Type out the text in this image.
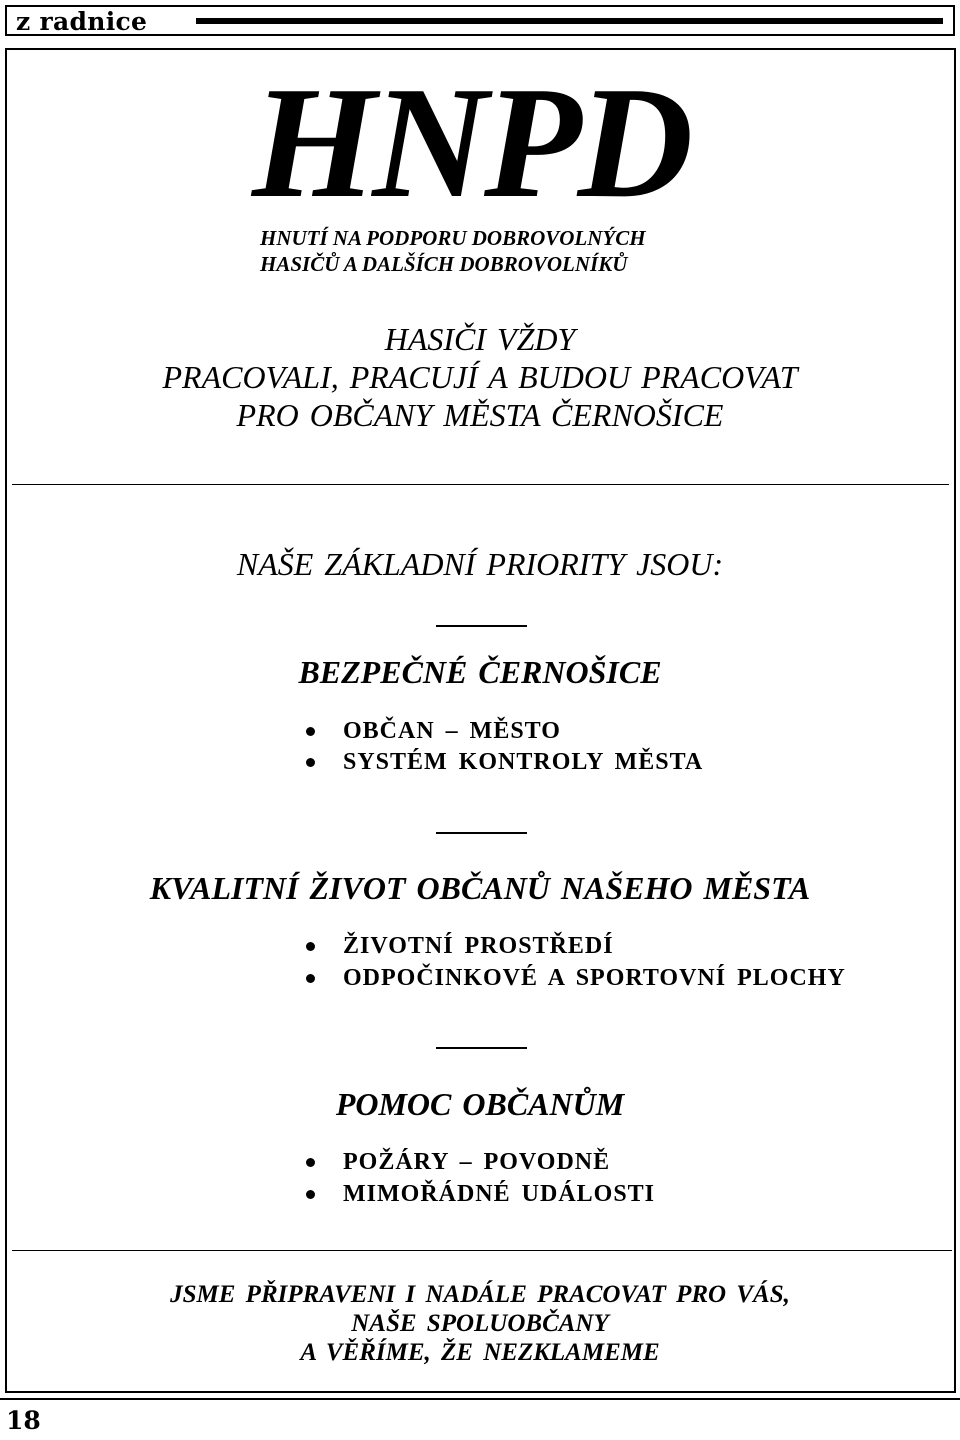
z radnice
HNPD
HNUTÍ NA PODPORU DOBROVOLNÝCH
HASIČŮ A DALŠÍCH DOBROVOLNÍKŮ
HASIČI VŽDY
PRACOVALI, PRACUJÍ A BUDOU PRACOVAT
PRO OBČANY MĚSTA ČERNOŠICE
NAŠE ZÁKLADNÍ PRIORITY JSOU:
BEZPEČNÉ ČERNOŠICE
OBČAN – MĚSTO
SYSTÉM KONTROLY MĚSTA
KVALITNÍ ŽIVOT OBČANŮ NAŠEHO MĚSTA
ŽIVOTNÍ PROSTŘEDÍ
ODPOČINKOVÉ A SPORTOVNÍ PLOCHY
POMOC OBČANŮM
POŽÁRY – POVODNĚ
MIMOŘÁDNÉ UDÁLOSTI
JSME PŘIPRAVENI I NADÁLE PRACOVAT PRO VÁS,
NAŠE SPOLUOBČANY
A VĚŘÍME, ŽE NEZKLAMEME
18
